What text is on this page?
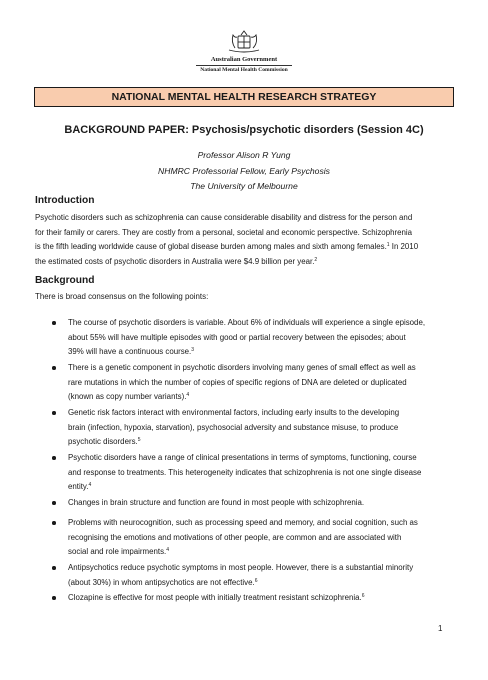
Australian Government
National Mental Health Commission
NATIONAL MENTAL HEALTH RESEARCH STRATEGY
BACKGROUND PAPER: Psychosis/psychotic disorders (Session 4C)
Professor Alison R Yung
NHMRC Professorial Fellow, Early Psychosis
The University of Melbourne
Introduction
Psychotic disorders such as schizophrenia can cause considerable disability and distress for the person and
for their family or carers. They are costly from a personal, societal and economic perspective. Schizophrenia
is the fifth leading worldwide cause of global disease burden among males and sixth among females.$^1$ In 2010
the estimated costs of psychotic disorders in Australia were $4.9 billion per year.$^2$
Background
There is broad consensus on the following points:
The course of psychotic disorders is variable. About 6% of individuals will experience a single episode,
about 55% will have multiple episodes with good or partial recovery between the episodes; about
39% will have a continuous course.$^3$
There is a genetic component in psychotic disorders involving many genes of small effect as well as
rare mutations in which the number of copies of specific regions of DNA are deleted or duplicated
(known as copy number variants).$^4$
Genetic risk factors interact with environmental factors, including early insults to the developing
brain (infection, hypoxia, starvation), psychosocial adversity and substance misuse, to produce
psychotic disorders.$^5$
Psychotic disorders have a range of clinical presentations in terms of symptoms, functioning, course
and response to treatments. This heterogeneity indicates that schizophrenia is not one single disease
entity.$^4$
Changes in brain structure and function are found in most people with schizophrenia.
Problems with neurocognition, such as processing speed and memory, and social cognition, such as
recognising the emotions and motivations of other people, are common and are associated with
social and role impairments.$^4$
Antipsychotics reduce psychotic symptoms in most people. However, there is a substantial minority
(about 30%) in whom antipsychotics are not effective.$^6$
Clozapine is effective for most people with initially treatment resistant schizophrenia.$^6$
1
